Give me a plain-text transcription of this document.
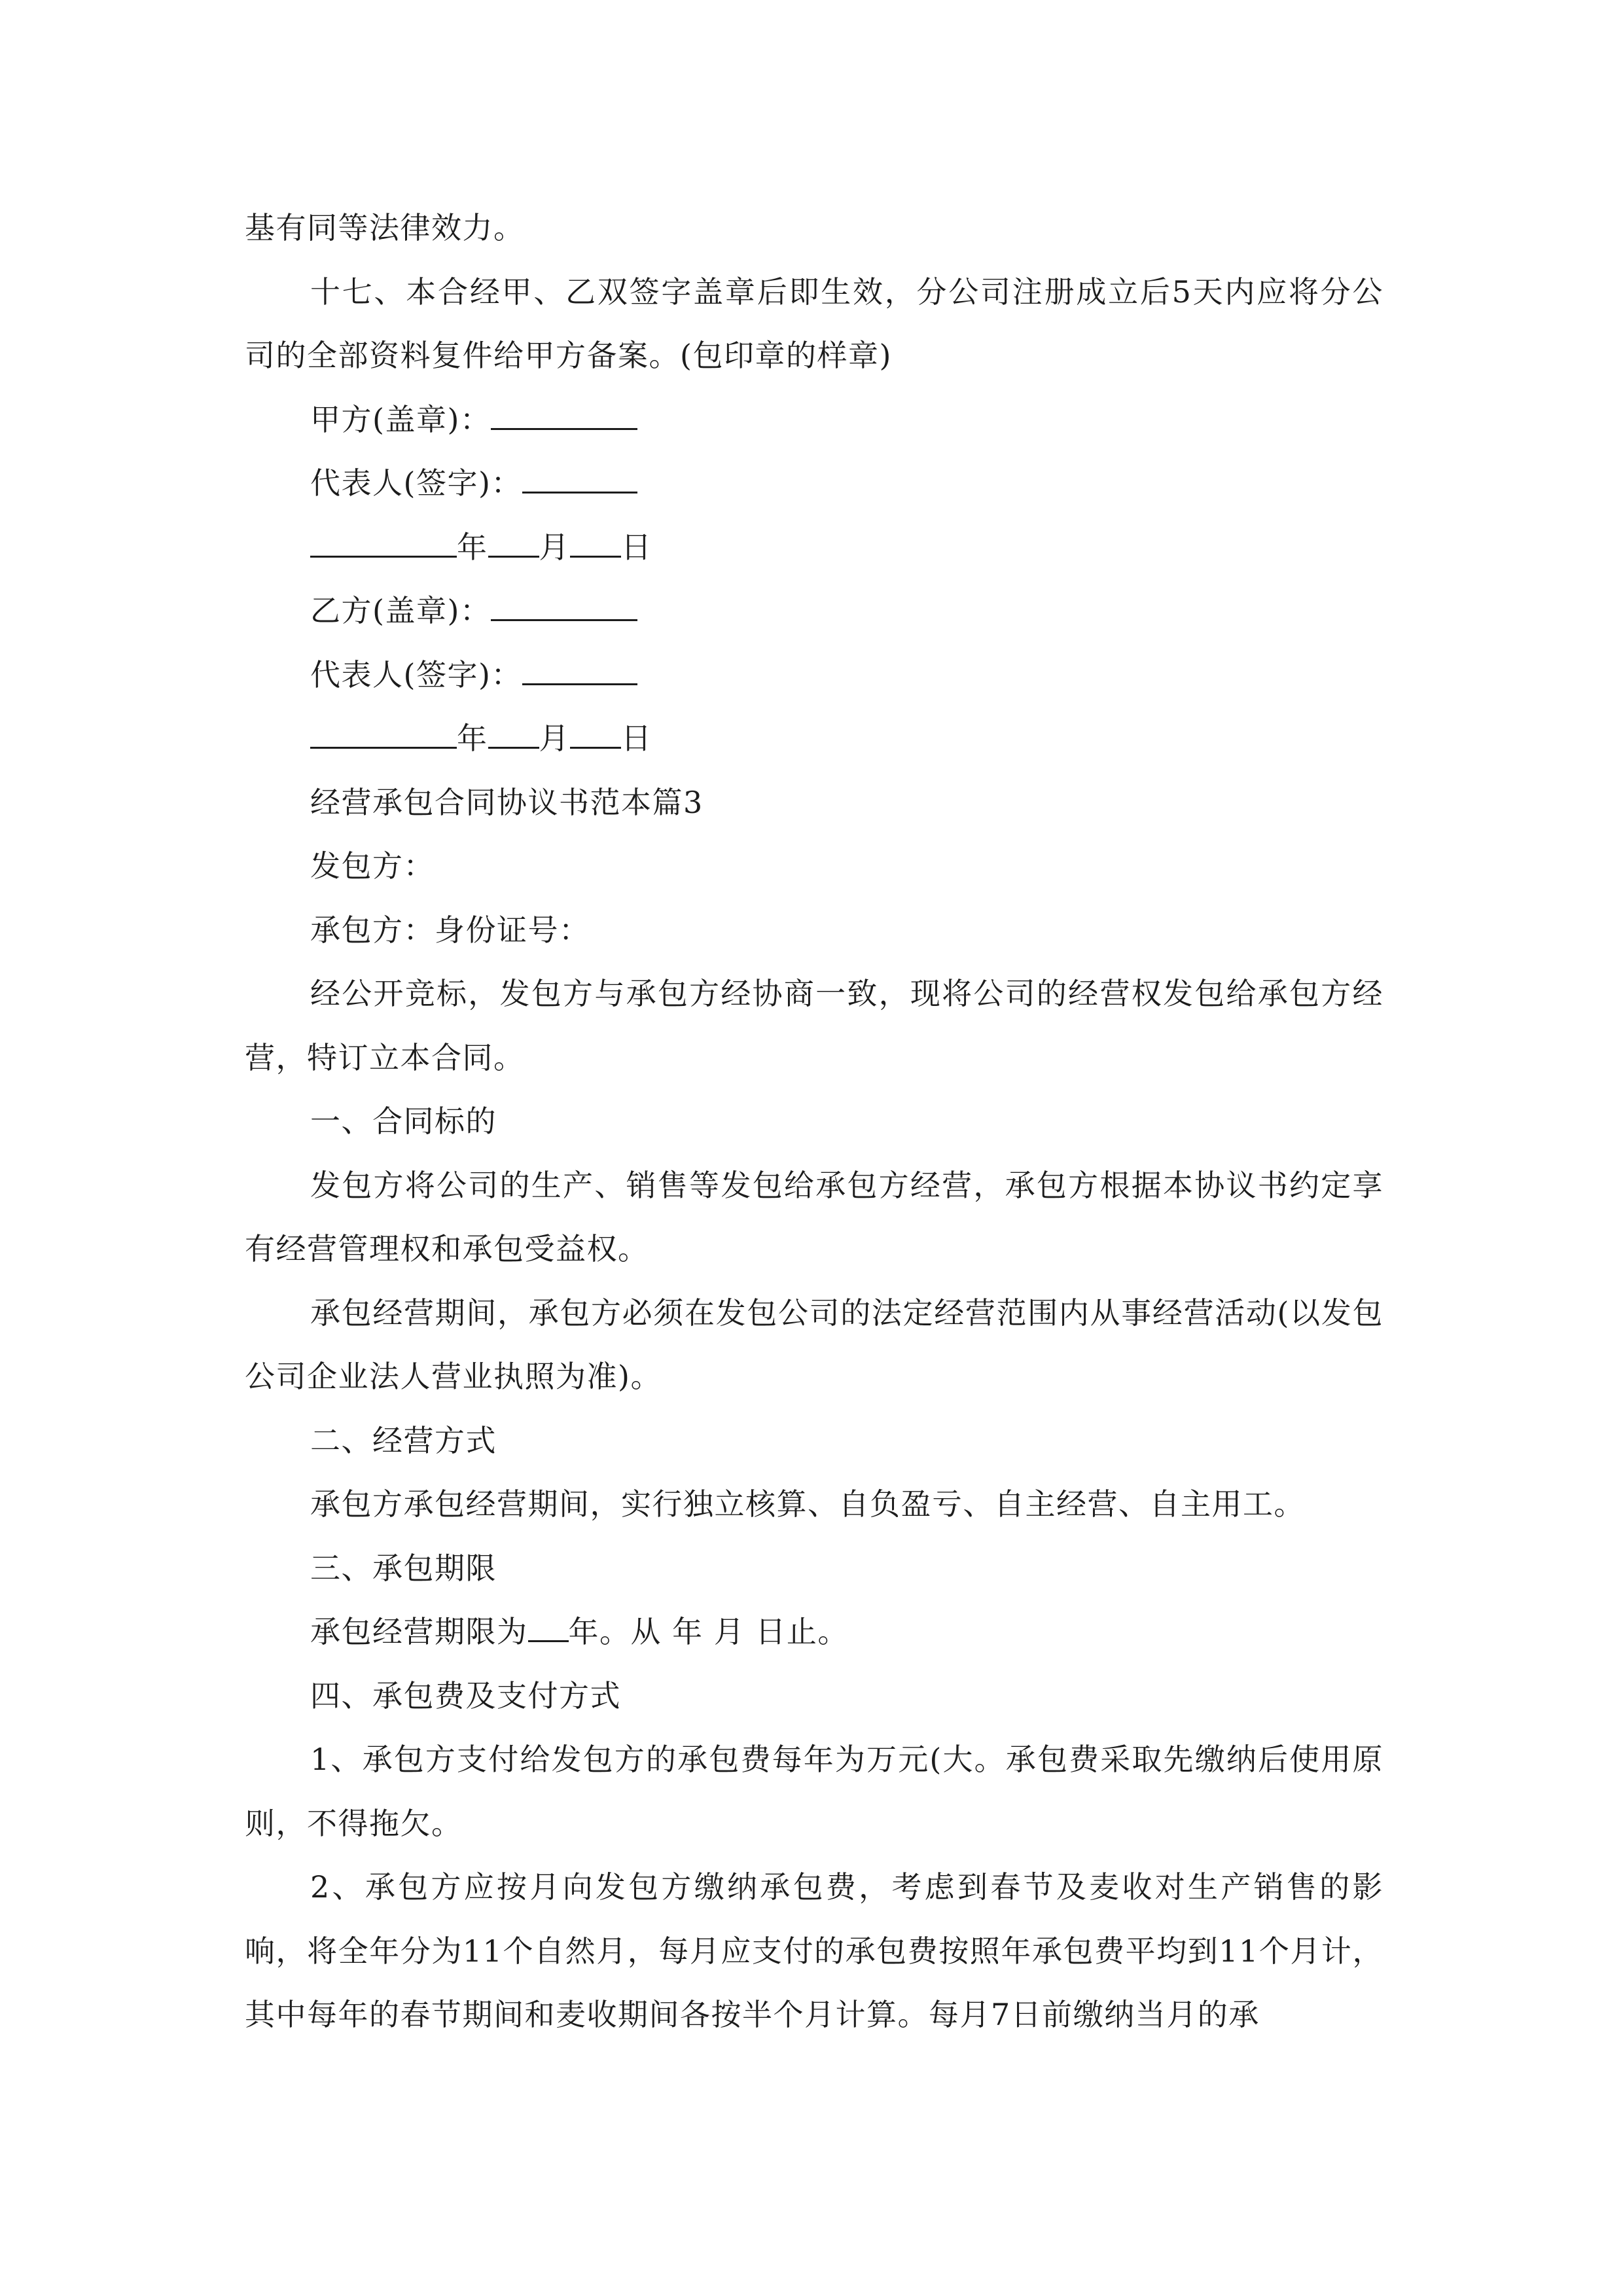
基有同等法律效力。

十七、本合经甲、乙双签字盖章后即生效，分公司注册成立后5天内应将分公司的全部资料复件给甲方备案。(包印章的样章)

甲方(盖章)：

代表人(签字)：

年 月 日

乙方(盖章)：

代表人(签字)：

年 月 日

经营承包合同协议书范本篇3

发包方：

承包方：身份证号：

经公开竞标，发包方与承包方经协商一致，现将公司的经营权发包给承包方经营，特订立本合同。

一、合同标的

发包方将公司的生产、销售等发包给承包方经营，承包方根据本协议书约定享有经营管理权和承包受益权。

承包经营期间，承包方必须在发包公司的法定经营范围内从事经营活动(以发包公司企业法人营业执照为准)。

二、经营方式

承包方承包经营期间，实行独立核算、自负盈亏、自主经营、自主用工。

三、承包期限

承包经营期限为 年。从 年 月 日止。

四、承包费及支付方式

1、承包方支付给发包方的承包费每年为万元(大。承包费采取先缴纳后使用原则，不得拖欠。

2、承包方应按月向发包方缴纳承包费，考虑到春节及麦收对生产销售的影响，将全年分为11个自然月，每月应支付的承包费按照年承包费平均到11个月计，其中每年的春节期间和麦收期间各按半个月计算。每月7日前缴纳当月的承
